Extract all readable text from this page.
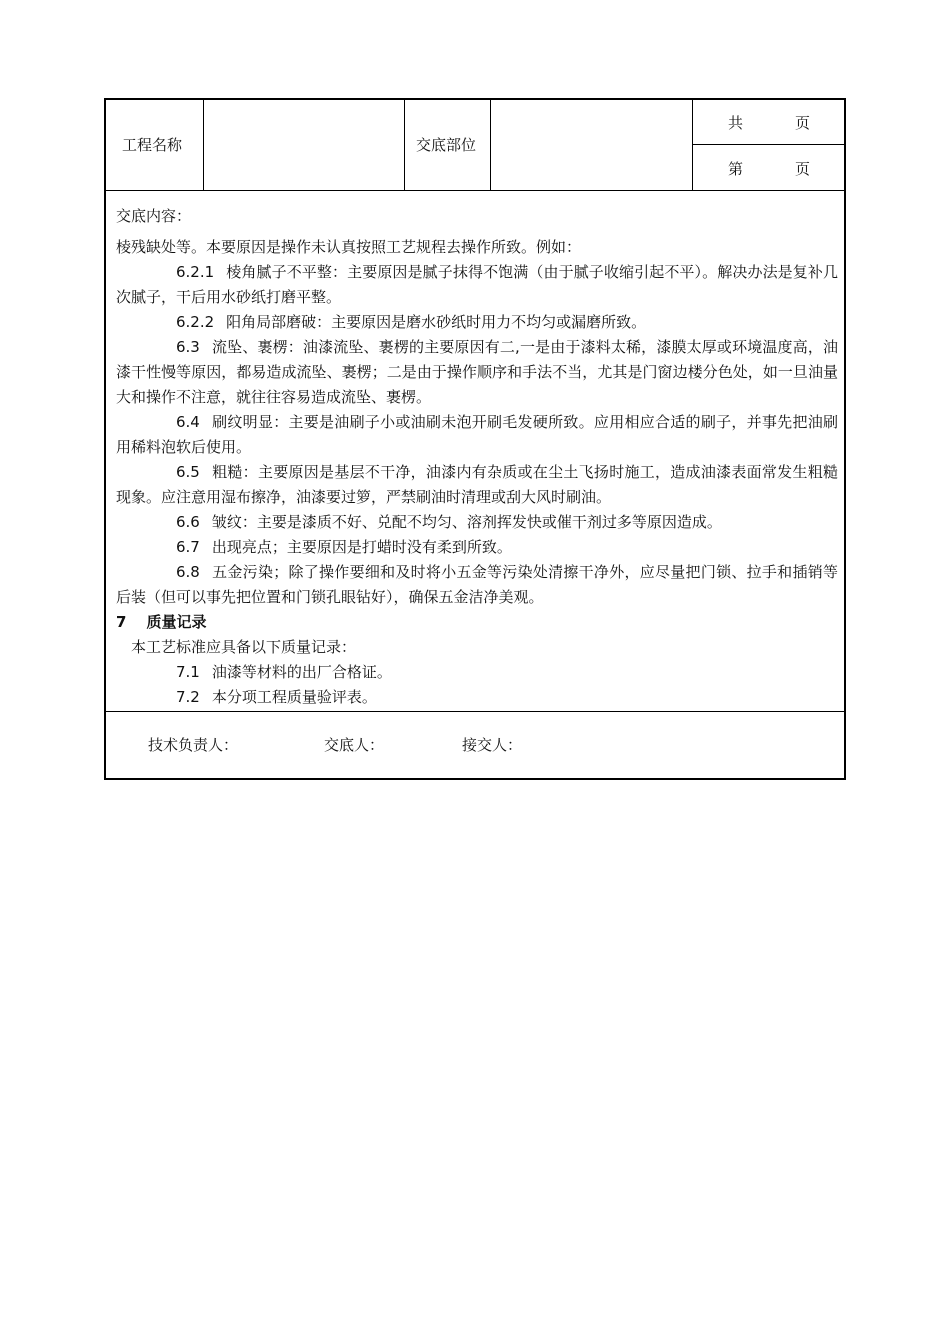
工程名称	交底部位
共	页
第	页

交底内容：

棱残缺处等。本要原因是操作未认真按照工艺规程去操作所致。例如：

6.2.1 棱角腻子不平整：主要原因是腻子抹得不饱满（由于腻子收缩引起不平）。解决办法是复补几次腻子，干后用水砂纸打磨平整。

6.2.2 阳角局部磨破：主要原因是磨水砂纸时用力不均匀或漏磨所致。

6.3 流坠、裹楞：油漆流坠、裹楞的主要原因有二,一是由于漆料太稀，漆膜太厚或环境温度高，油漆干性慢等原因，都易造成流坠、裹楞；二是由于操作顺序和手法不当，尤其是门窗边楼分色处，如一旦油量大和操作不注意，就往往容易造成流坠、裹楞。

6.4 刷纹明显：主要是油刷子小或油刷未泡开刷毛发硬所致。应用相应合适的刷子，并事先把油刷用稀料泡软后使用。

6.5 粗糙：主要原因是基层不干净，油漆内有杂质或在尘土飞扬时施工，造成油漆表面常发生粗糙现象。应注意用湿布擦净，油漆要过箩，严禁刷油时清理或刮大风时刷油。

6.6 皱纹：主要是漆质不好、兑配不均匀、溶剂挥发快或催干剂过多等原因造成。

6.7 出现亮点；主要原因是打蜡时没有柔到所致。

6.8 五金污染；除了操作要细和及时将小五金等污染处清擦干净外，应尽量把门锁、拉手和插销等后装（但可以事先把位置和门锁孔眼钻好），确保五金洁净美观。

7 质量记录

本工艺标准应具备以下质量记录：

7.1 油漆等材料的出厂合格证。

7.2 本分项工程质量验评表。

技术负责人：	交底人：	接交人：
